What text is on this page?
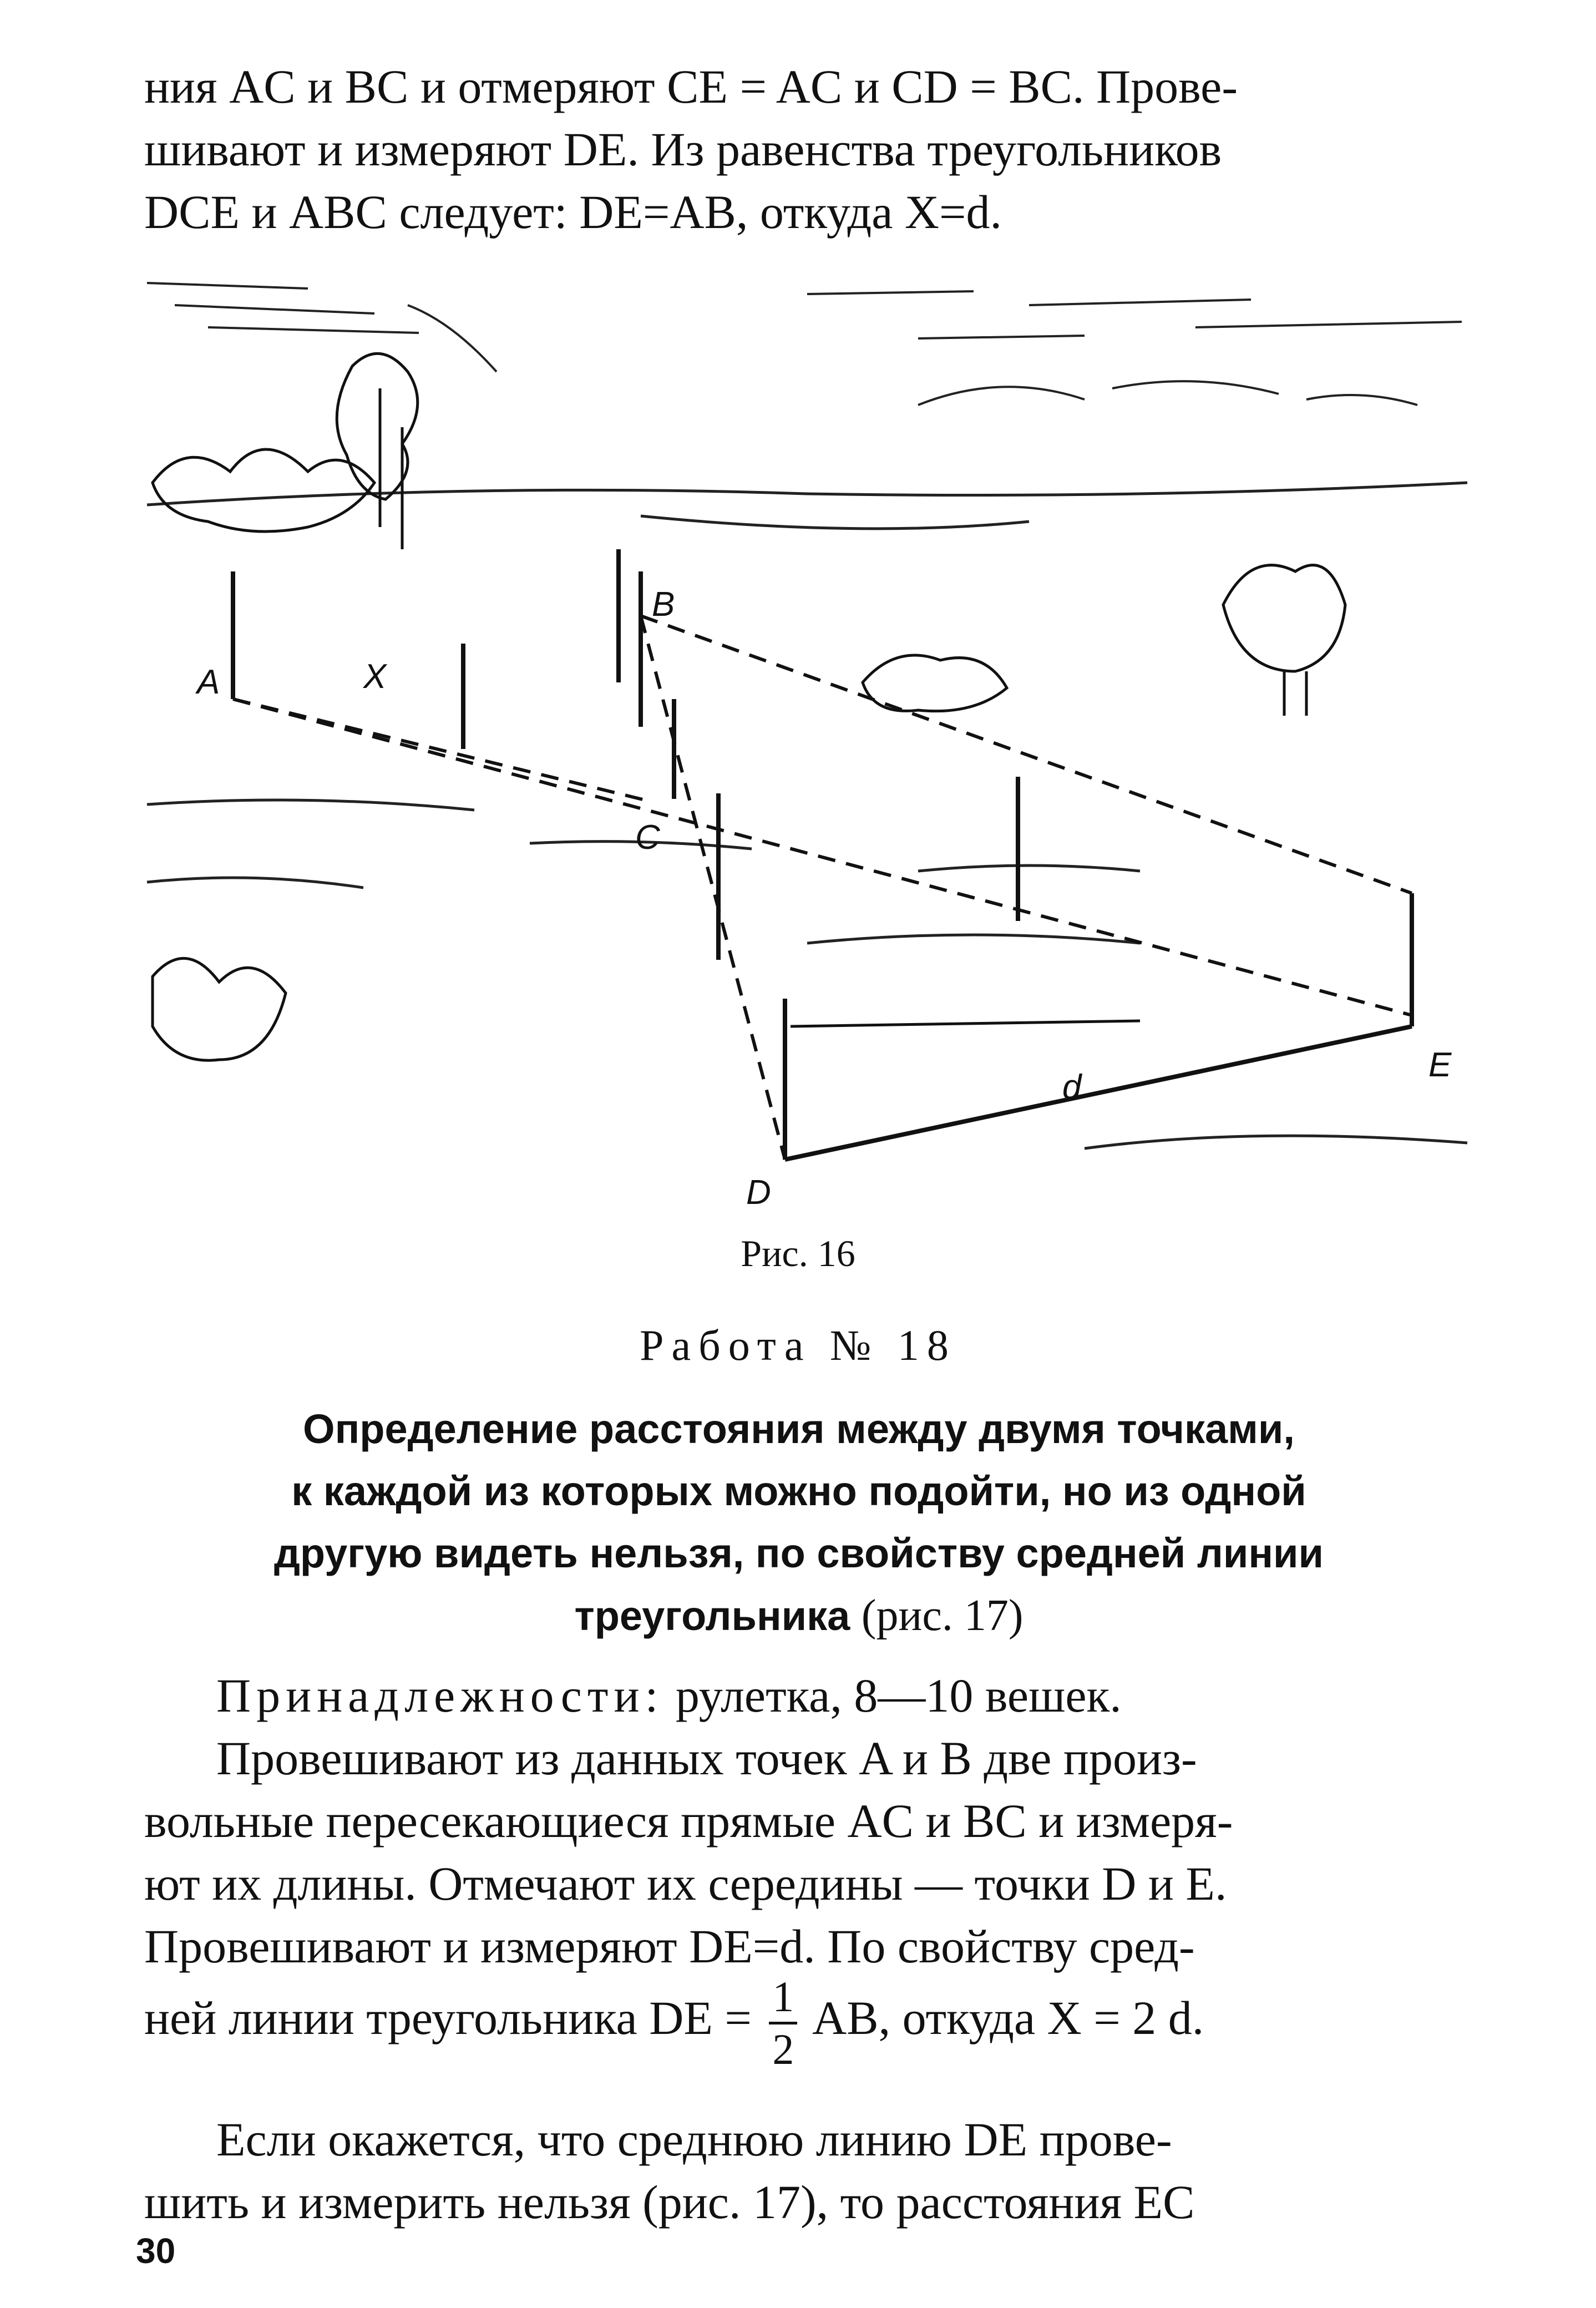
ния AC и BC и отмеряют CE = AC и CD = BC. Прове-
шивают и измеряют DE. Из равенства треугольников
DCE и ABC следует: DE=AB, откуда X=d.

A
B
C
D
E
X
d
Рис. 16
Работа № 18
Определение расстояния между двумя точками,
к каждой из которых можно подойти, но из одной
другую видеть нельзя, по свойству средней линии
треугольника (рис. 17)

Принадлежности: рулетка, 8—10 вешек.

Провешивают из данных точек A и B две произ-
вольные пересекающиеся прямые AC и BC и измеря-
ют их длины. Отмечают их середины — точки D и E.
Провешивают и измеряют DE=d. По свойству сред-

ней линии треугольника DE = $\frac{1}{2}$ AB, откуда X = 2 d.

Если окажется, что среднюю линию DE прове-
шить и измерить нельзя (рис. 17), то расстояния EC

30
